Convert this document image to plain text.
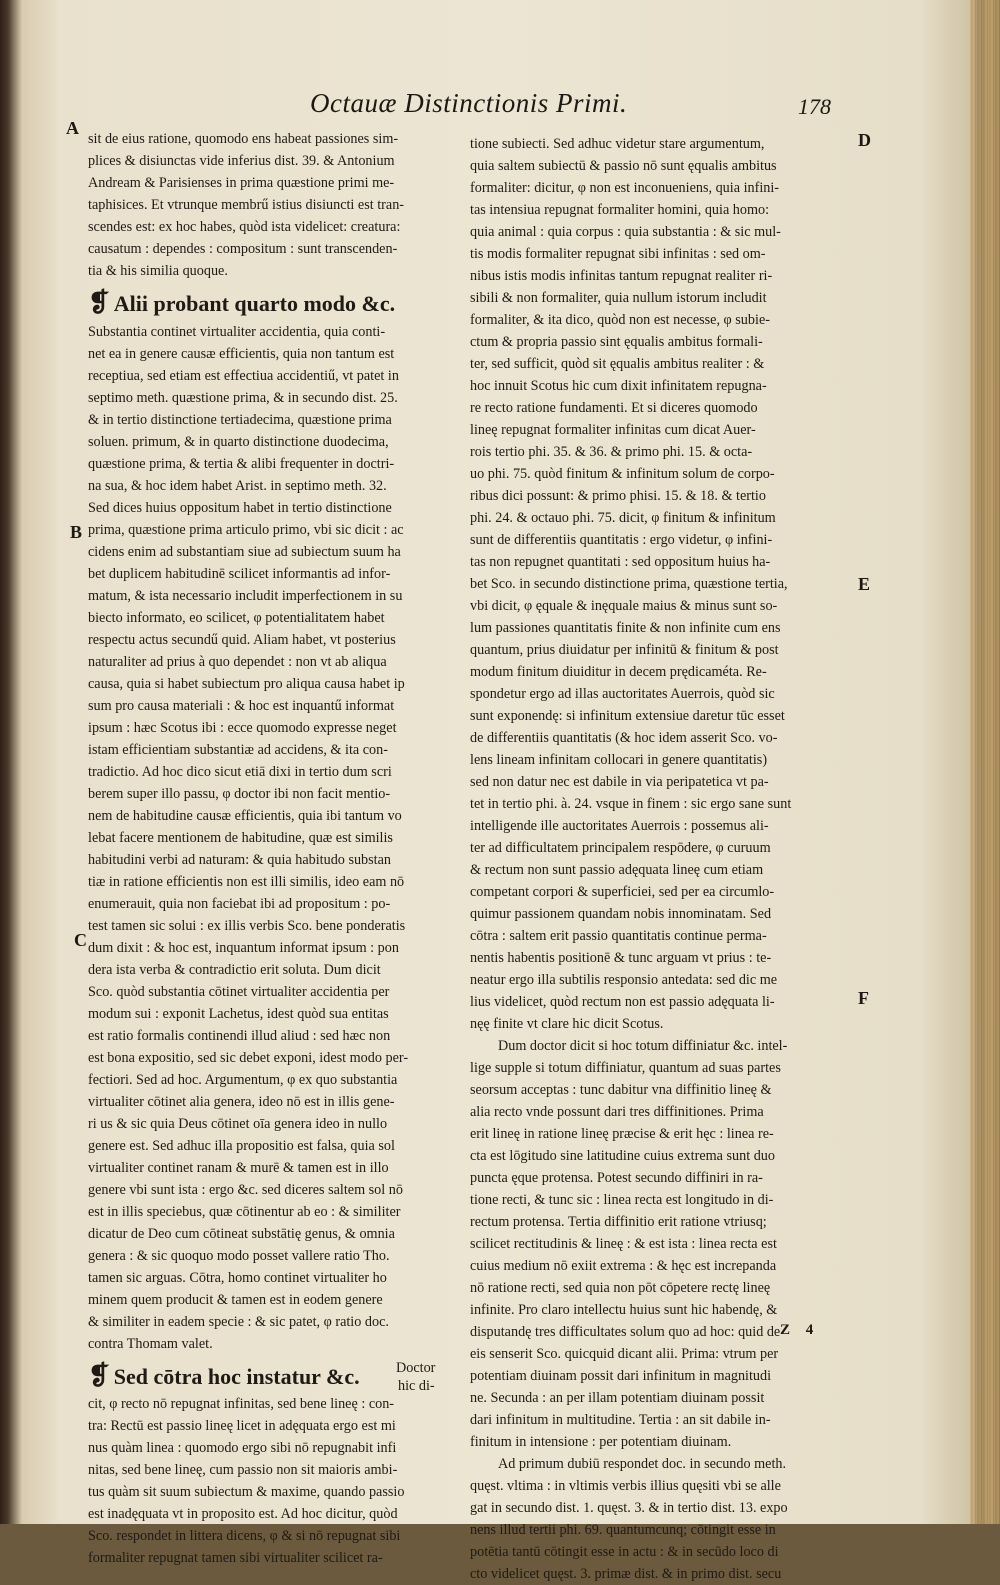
Octauæ Distinctionis Primi.	178
A
B
C
D
E
F

sit de eius ratione, quomodo ens habeat passiones sim-

plices & disiunctas vide inferius dist. 39. & Antonium

Andream & Parisienses in prima quæstione primi me-

taphisices. Et vtrunque membrű istius disiuncti est tran-

scendes est: ex hoc habes, quòd ista videlicet: creatura:

causatum : dependes : compositum : sunt transcenden-

tia & his similia quoque.

❡ Alii probant quarto modo &c.

Substantia continet virtualiter accidentia, quia conti-

net ea in genere causæ efficientis, quia non tantum est

receptiua, sed etiam est effectiua accidentiű, vt patet in

septimo meth. quæstione prima, & in secundo dist. 25.

& in tertio distinctione tertiadecima, quæstione prima

soluen. primum, & in quarto distinctione duodecima,

quæstione prima, & tertia & alibi frequenter in doctri-

na sua, & hoc idem habet Arist. in septimo meth. 32.

Sed dices huius oppositum habet in tertio distinctione

prima, quæstione prima articulo primo, vbi sic dicit : ac

cidens enim ad substantiam siue ad subiectum suum ha

bet duplicem habitudinē scilicet informantis ad infor-

matum, & ista necessario includit imperfectionem in su

biecto informato, eo scilicet, φ potentialitatem habet

respectu actus secundű quid. Aliam habet, vt posterius

naturaliter ad prius à quo dependet : non vt ab aliqua

causa, quia si habet subiectum pro aliqua causa habet ip

sum pro causa materiali : & hoc est inquantű informat

ipsum : hæc Scotus ibi : ecce quomodo expresse neget

istam efficientiam substantiæ ad accidens, & ita con-

tradictio. Ad hoc dico sicut etiā dixi in tertio dum scri

berem super illo passu, φ doctor ibi non facit mentio-

nem de habitudine causæ efficientis, quia ibi tantum vo

lebat facere mentionem de habitudine, quæ est similis

habitudini verbi ad naturam: & quia habitudo substan

tiæ in ratione efficientis non est illi similis, ideo eam nō

enumerauit, quia non faciebat ibi ad propositum : po-

test tamen sic solui : ex illis verbis Sco. bene ponderatis

dum dixit : & hoc est, inquantum informat ipsum : pon

dera ista verba & contradictio erit soluta. Dum dicit

Sco. quòd substantia cōtinet virtualiter accidentia per

modum sui : exponit Lachetus, idest quòd sua entitas

est ratio formalis continendi illud aliud : sed hæc non

est bona expositio, sed sic debet exponi, idest modo per-

fectiori. Sed ad hoc. Argumentum, φ ex quo substantia

virtualiter cōtinet alia genera, ideo nō est in illis gene-

ri us & sic quia Deus cōtinet oīa genera ideo in nullo

genere est. Sed adhuc illa propositio est falsa, quia sol

virtualiter continet ranam & murē & tamen est in illo

genere vbi sunt ista : ergo &c. sed diceres saltem sol nō

est in illis speciebus, quæ cōtinentur ab eo : & similiter

dicatur de Deo cum cōtineat substātię genus, & omnia

genera : & sic quoquo modo posset vallere ratio Tho.

tamen sic arguas. Cōtra, homo continet virtualiter ho

minem quem producit & tamen est in eodem genere

& similiter in eadem specie : & sic patet, φ ratio doc.

contra Thomam valet.

❡ Sed cōtra hoc instatur &c.	Doctor

hic di-

cit, φ recto nō repugnat infinitas, sed bene lineę : con-

tra: Rectū est passio lineę licet in adęquata ergo est mi

nus quàm linea : quomodo ergo sibi nō repugnabit infi

nitas, sed bene lineę, cum passio non sit maioris ambi-

tus quàm sit suum subiectum & maxime, quando passio

est inadęquata vt in proposito est. Ad hoc dicitur, quòd

Sco. respondet in littera dicens, φ & si nō repugnat sibi

formaliter repugnat tamen sibi virtualiter scilicet ra-

tione subiecti. Sed adhuc videtur stare argumentum,

quia saltem subiectū & passio nō sunt ęqualis ambitus

formaliter: dicitur, φ non est inconueniens, quia infini-

tas intensiua repugnat formaliter homini, quia homo:

quia animal : quia corpus : quia substantia : & sic mul-

tis modis formaliter repugnat sibi infinitas : sed om-

nibus istis modis infinitas tantum repugnat realiter ri-

sibili & non formaliter, quia nullum istorum includit

formaliter, & ita dico, quòd non est necesse, φ subie-

ctum & propria passio sint ęqualis ambitus formali-

ter, sed sufficit, quòd sit ęqualis ambitus realiter : &

hoc innuit Scotus hic cum dixit infinitatem repugna-

re recto ratione fundamenti. Et si diceres quomodo

lineę repugnat formaliter infinitas cum dicat Auer-

rois tertio phi. 35. & 36. & primo phi. 15. & octa-

uo phi. 75. quòd finitum & infinitum solum de corpo-

ribus dici possunt: & primo phisi. 15. & 18. & tertio

phi. 24. & octauo phi. 75. dicit, φ finitum & infinitum

sunt de differentiis quantitatis : ergo videtur, φ infini-

tas non repugnet quantitati : sed oppositum huius ha-

bet Sco. in secundo distinctione prima, quæstione tertia,

vbi dicit, φ ęquale & inęquale maius & minus sunt so-

lum passiones quantitatis finite & non infinite cum ens

quantum, prius diuidatur per infinitū & finitum & post

modum finitum diuiditur in decem prędicaméta. Re-

spondetur ergo ad illas auctoritates Auerrois, quòd sic

sunt exponendę: si infinitum extensiue daretur tūc esset

de differentiis quantitatis (& hoc idem asserit Sco. vo-

lens lineam infinitam collocari in genere quantitatis)

sed non datur nec est dabile in via peripatetica vt pa-

tet in tertio phi. à. 24. vsque in finem : sic ergo sane sunt

intelligende ille auctoritates Auerrois : possemus ali-

ter ad difficultatem principalem respōdere, φ curuum

& rectum non sunt passio adęquata lineę cum etiam

competant corpori & superficiei, sed per ea circumlo-

quimur passionem quandam nobis innominatam. Sed

cōtra : saltem erit passio quantitatis continue perma-

nentis habentis positionē & tunc arguam vt prius : te-

neatur ergo illa subtilis responsio antedata: sed dic me

lius videlicet, quòd rectum non est passio adęquata li-

nęę finite vt clare hic dicit Scotus.

Dum doctor dicit si hoc totum diffiniatur &c. intel-

lige supple si totum diffiniatur, quantum ad suas partes

seorsum acceptas : tunc dabitur vna diffinitio lineę &

alia recto vnde possunt dari tres diffinitiones. Prima

erit lineę in ratione lineę præcise & erit hęc : linea re-

cta est lōgitudo sine latitudine cuius extrema sunt duo

puncta ęque protensa. Potest secundo diffiniri in ra-

tione recti, & tunc sic : linea recta est longitudo in di-

rectum protensa. Tertia diffinitio erit ratione vtriusq;

scilicet rectitudinis & lineę : & est ista : linea recta est

cuius medium nō exiit extrema : & hęc est increpanda

nō ratione recti, sed quia non pōt cōpetere rectę lineę

infinite. Pro claro intellectu huius sunt hic habendę, &

disputandę tres difficultates solum quo ad hoc: quid de

eis senserit Sco. quicquid dicant alii. Prima: vtrum per

potentiam diuinam possit dari infinitum in magnitudi

ne. Secunda : an per illam potentiam diuinam possit

dari infinitum in multitudine. Tertia : an sit dabile in-

finitum in intensione : per potentiam diuinam.

Ad primum dubiū respondet doc. in secundo meth.

quęst. vltima : in vltimis verbis illius quęsiti vbi se alle

gat in secundo dist. 1. quęst. 3. & in tertio dist. 13. expo

nens illud tertii phi. 69. quantumcunq; cōtingit esse in

potētia tantū cōtingit esse in actu : & in secūdo loco di

cto videlicet quęst. 3. primæ dist. & in primo dist. secu

Z 4
